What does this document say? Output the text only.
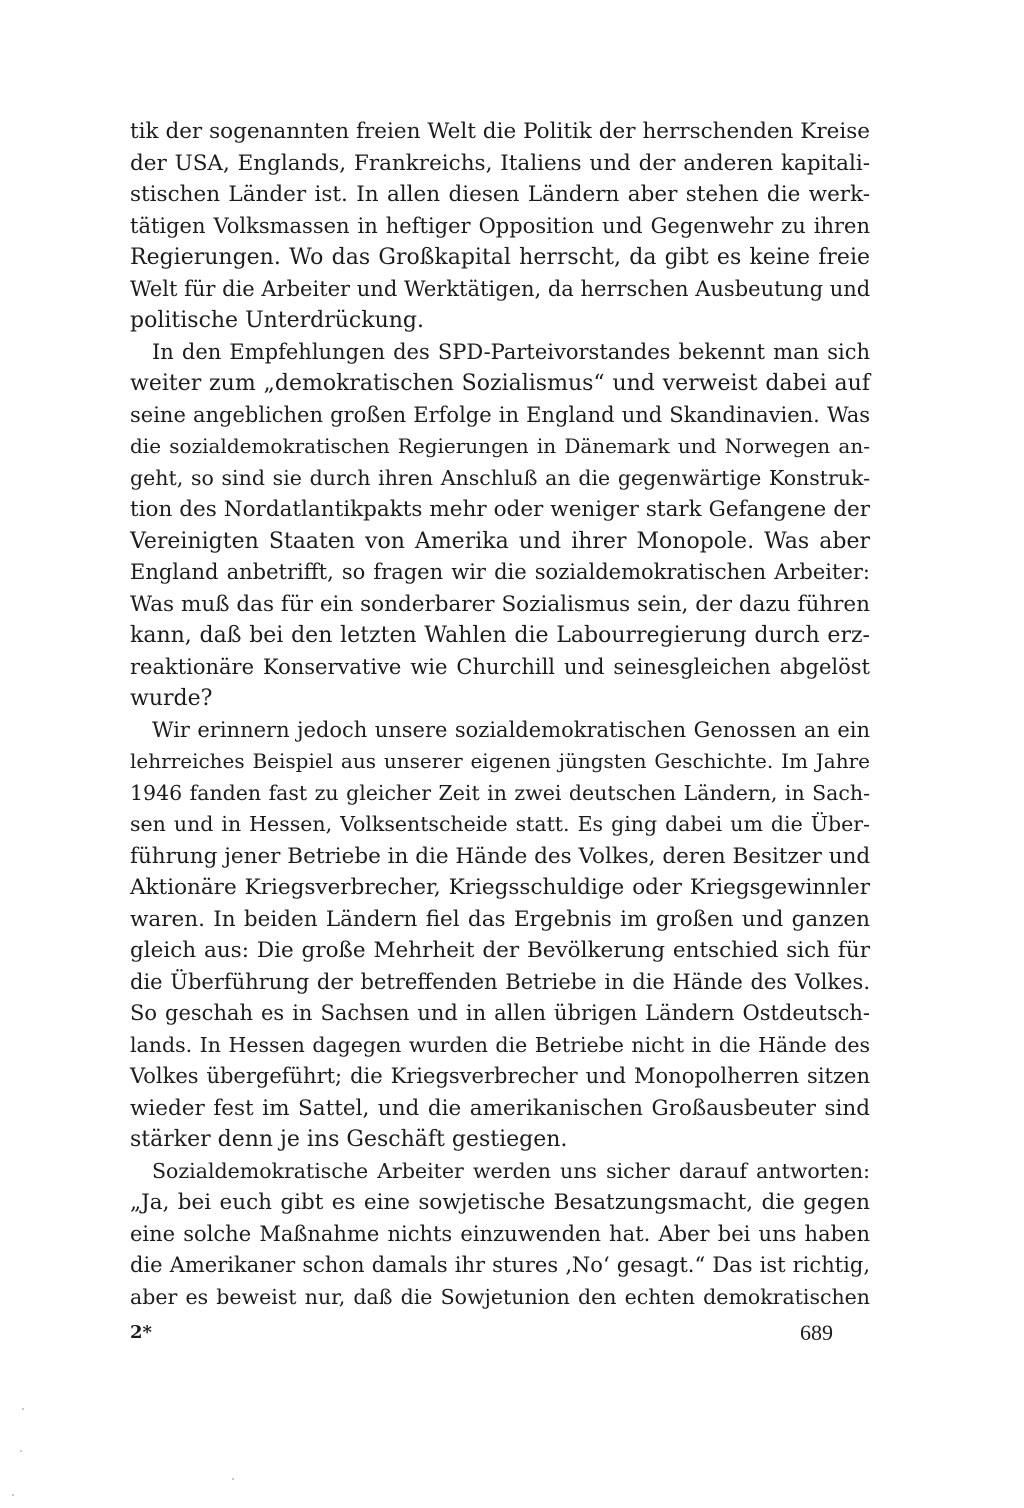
tik der sogenannten freien Welt die Politik der herrschenden Kreise
der USA, Englands, Frankreichs, Italiens und der anderen kapitali-
stischen Länder ist. In allen diesen Ländern aber stehen die werk-
tätigen Volksmassen in heftiger Opposition und Gegenwehr zu ihren
Regierungen. Wo das Großkapital herrscht, da gibt es keine freie
Welt für die Arbeiter und Werktätigen, da herrschen Ausbeutung und
politische Unterdrückung.
In den Empfehlungen des SPD-Parteivorstandes bekennt man sich
weiter zum „demokratischen Sozialismus“ und verweist dabei auf
seine angeblichen großen Erfolge in England und Skandinavien. Was
die sozialdemokratischen Regierungen in Dänemark und Norwegen an-
geht, so sind sie durch ihren Anschluß an die gegenwärtige Konstruk-
tion des Nordatlantikpakts mehr oder weniger stark Gefangene der
Vereinigten Staaten von Amerika und ihrer Monopole. Was aber
England anbetrifft, so fragen wir die sozialdemokratischen Arbeiter:
Was muß das für ein sonderbarer Sozialismus sein, der dazu führen
kann, daß bei den letzten Wahlen die Labourregierung durch erz-
reaktionäre Konservative wie Churchill und seinesgleichen abgelöst
wurde?
Wir erinnern jedoch unsere sozialdemokratischen Genossen an ein
lehrreiches Beispiel aus unserer eigenen jüngsten Geschichte. Im Jahre
1946 fanden fast zu gleicher Zeit in zwei deutschen Ländern, in Sach-
sen und in Hessen, Volksentscheide statt. Es ging dabei um die Über-
führung jener Betriebe in die Hände des Volkes, deren Besitzer und
Aktionäre Kriegsverbrecher, Kriegsschuldige oder Kriegsgewinnler
waren. In beiden Ländern fiel das Ergebnis im großen und ganzen
gleich aus: Die große Mehrheit der Bevölkerung entschied sich für
die Überführung der betreffenden Betriebe in die Hände des Volkes.
So geschah es in Sachsen und in allen übrigen Ländern Ostdeutsch-
lands. In Hessen dagegen wurden die Betriebe nicht in die Hände des
Volkes übergeführt; die Kriegsverbrecher und Monopolherren sitzen
wieder fest im Sattel, und die amerikanischen Großausbeuter sind
stärker denn je ins Geschäft gestiegen.
Sozialdemokratische Arbeiter werden uns sicher darauf antworten:
„Ja, bei euch gibt es eine sowjetische Besatzungsmacht, die gegen
eine solche Maßnahme nichts einzuwenden hat. Aber bei uns haben
die Amerikaner schon damals ihr stures ‚No‘ gesagt.“ Das ist richtig,
aber es beweist nur, daß die Sowjetunion den echten demokratischen
2*	689
